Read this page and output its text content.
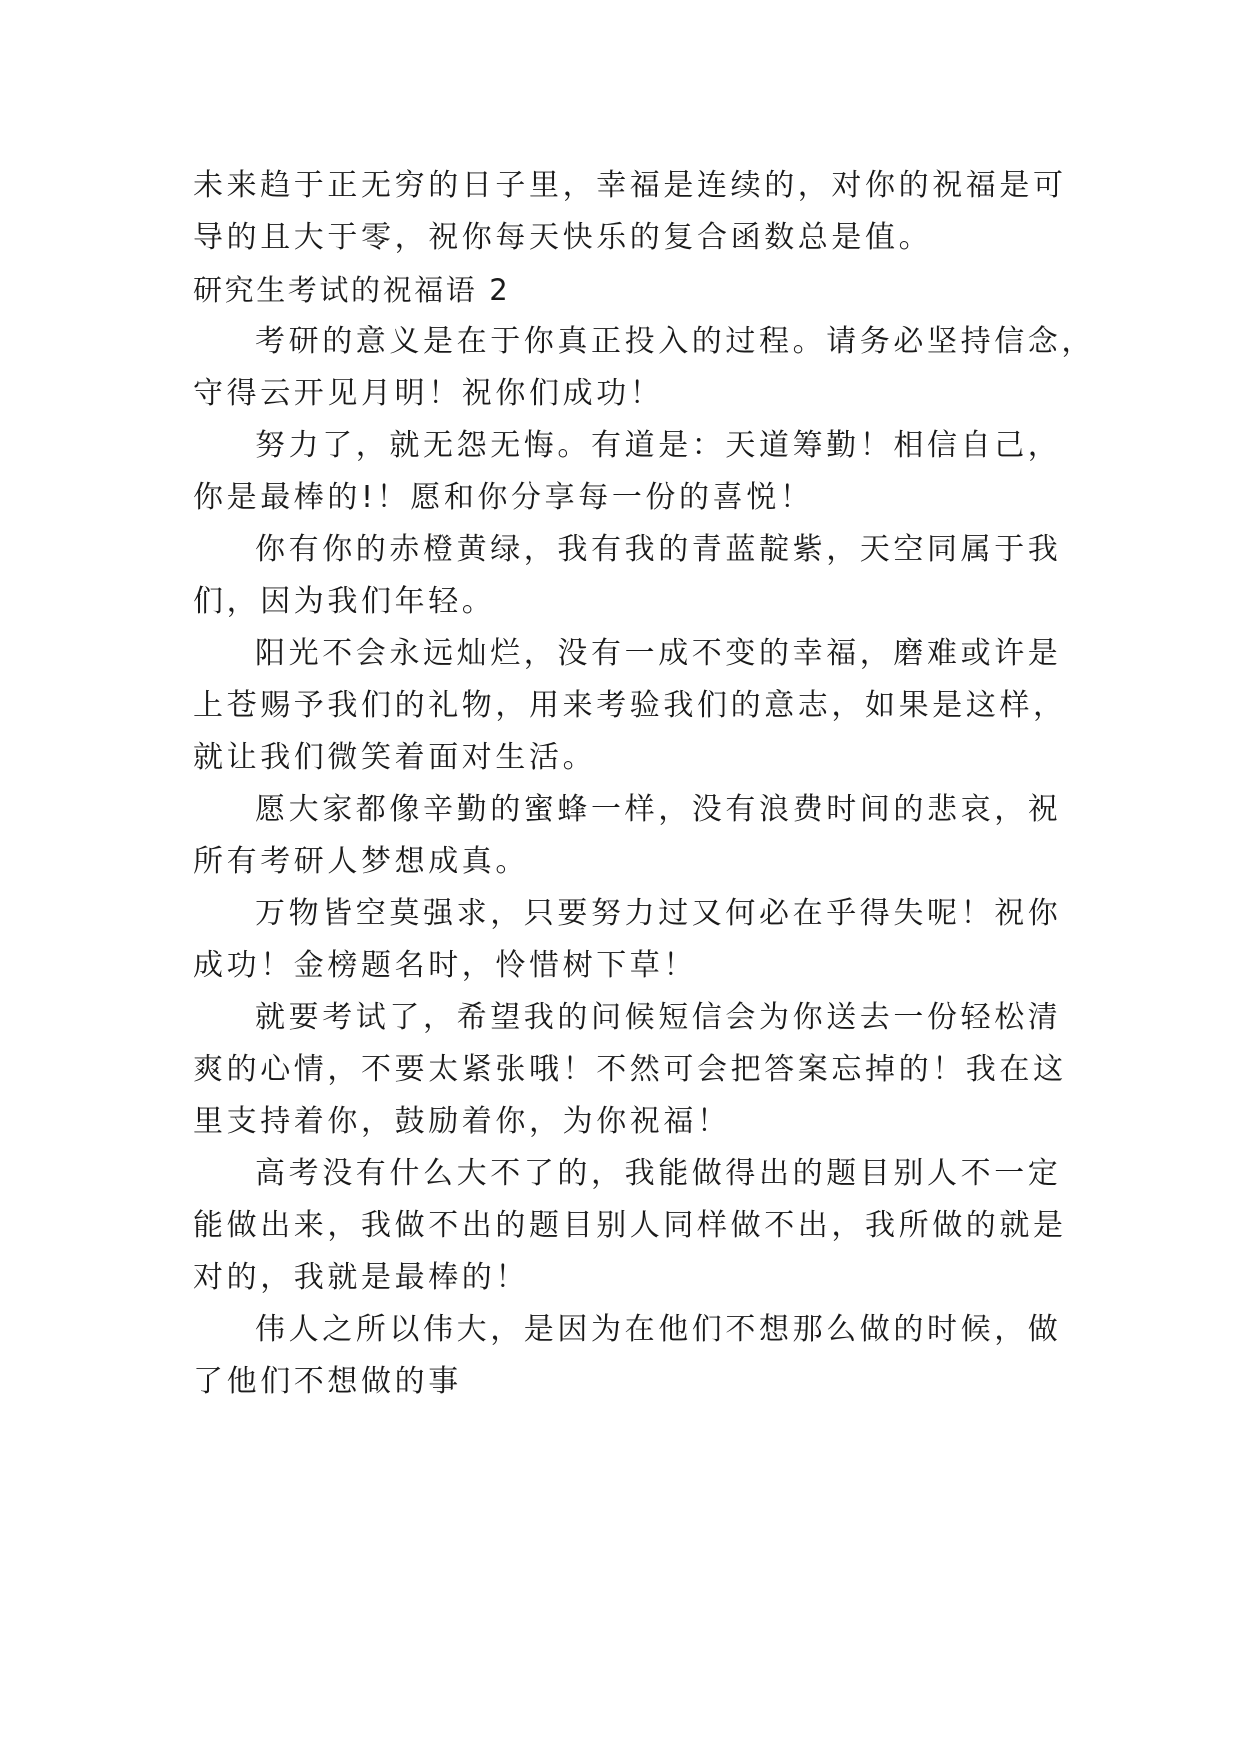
未来趋于正无穷的日子里，幸福是连续的，对你的祝福是可
导的且大于零，祝你每天快乐的复合函数总是值。
研究生考试的祝福语 2
考研的意义是在于你真正投入的过程。请务必坚持信念，
守得云开见月明！祝你们成功！
努力了，就无怨无悔。有道是：天道筹勤！相信自己，
你是最棒的!！愿和你分享每一份的喜悦！
你有你的赤橙黄绿，我有我的青蓝靛紫，天空同属于我
们，因为我们年轻。
阳光不会永远灿烂，没有一成不变的幸福，磨难或许是
上苍赐予我们的礼物，用来考验我们的意志，如果是这样，
就让我们微笑着面对生活。
愿大家都像辛勤的蜜蜂一样，没有浪费时间的悲哀，祝
所有考研人梦想成真。
万物皆空莫强求，只要努力过又何必在乎得失呢！祝你
成功！金榜题名时，怜惜树下草！
就要考试了，希望我的问候短信会为你送去一份轻松清
爽的心情，不要太紧张哦！不然可会把答案忘掉的！我在这
里支持着你，鼓励着你，为你祝福！
高考没有什么大不了的，我能做得出的题目别人不一定
能做出来，我做不出的题目别人同样做不出，我所做的就是
对的，我就是最棒的！
伟人之所以伟大，是因为在他们不想那么做的时候，做
了他们不想做的事
